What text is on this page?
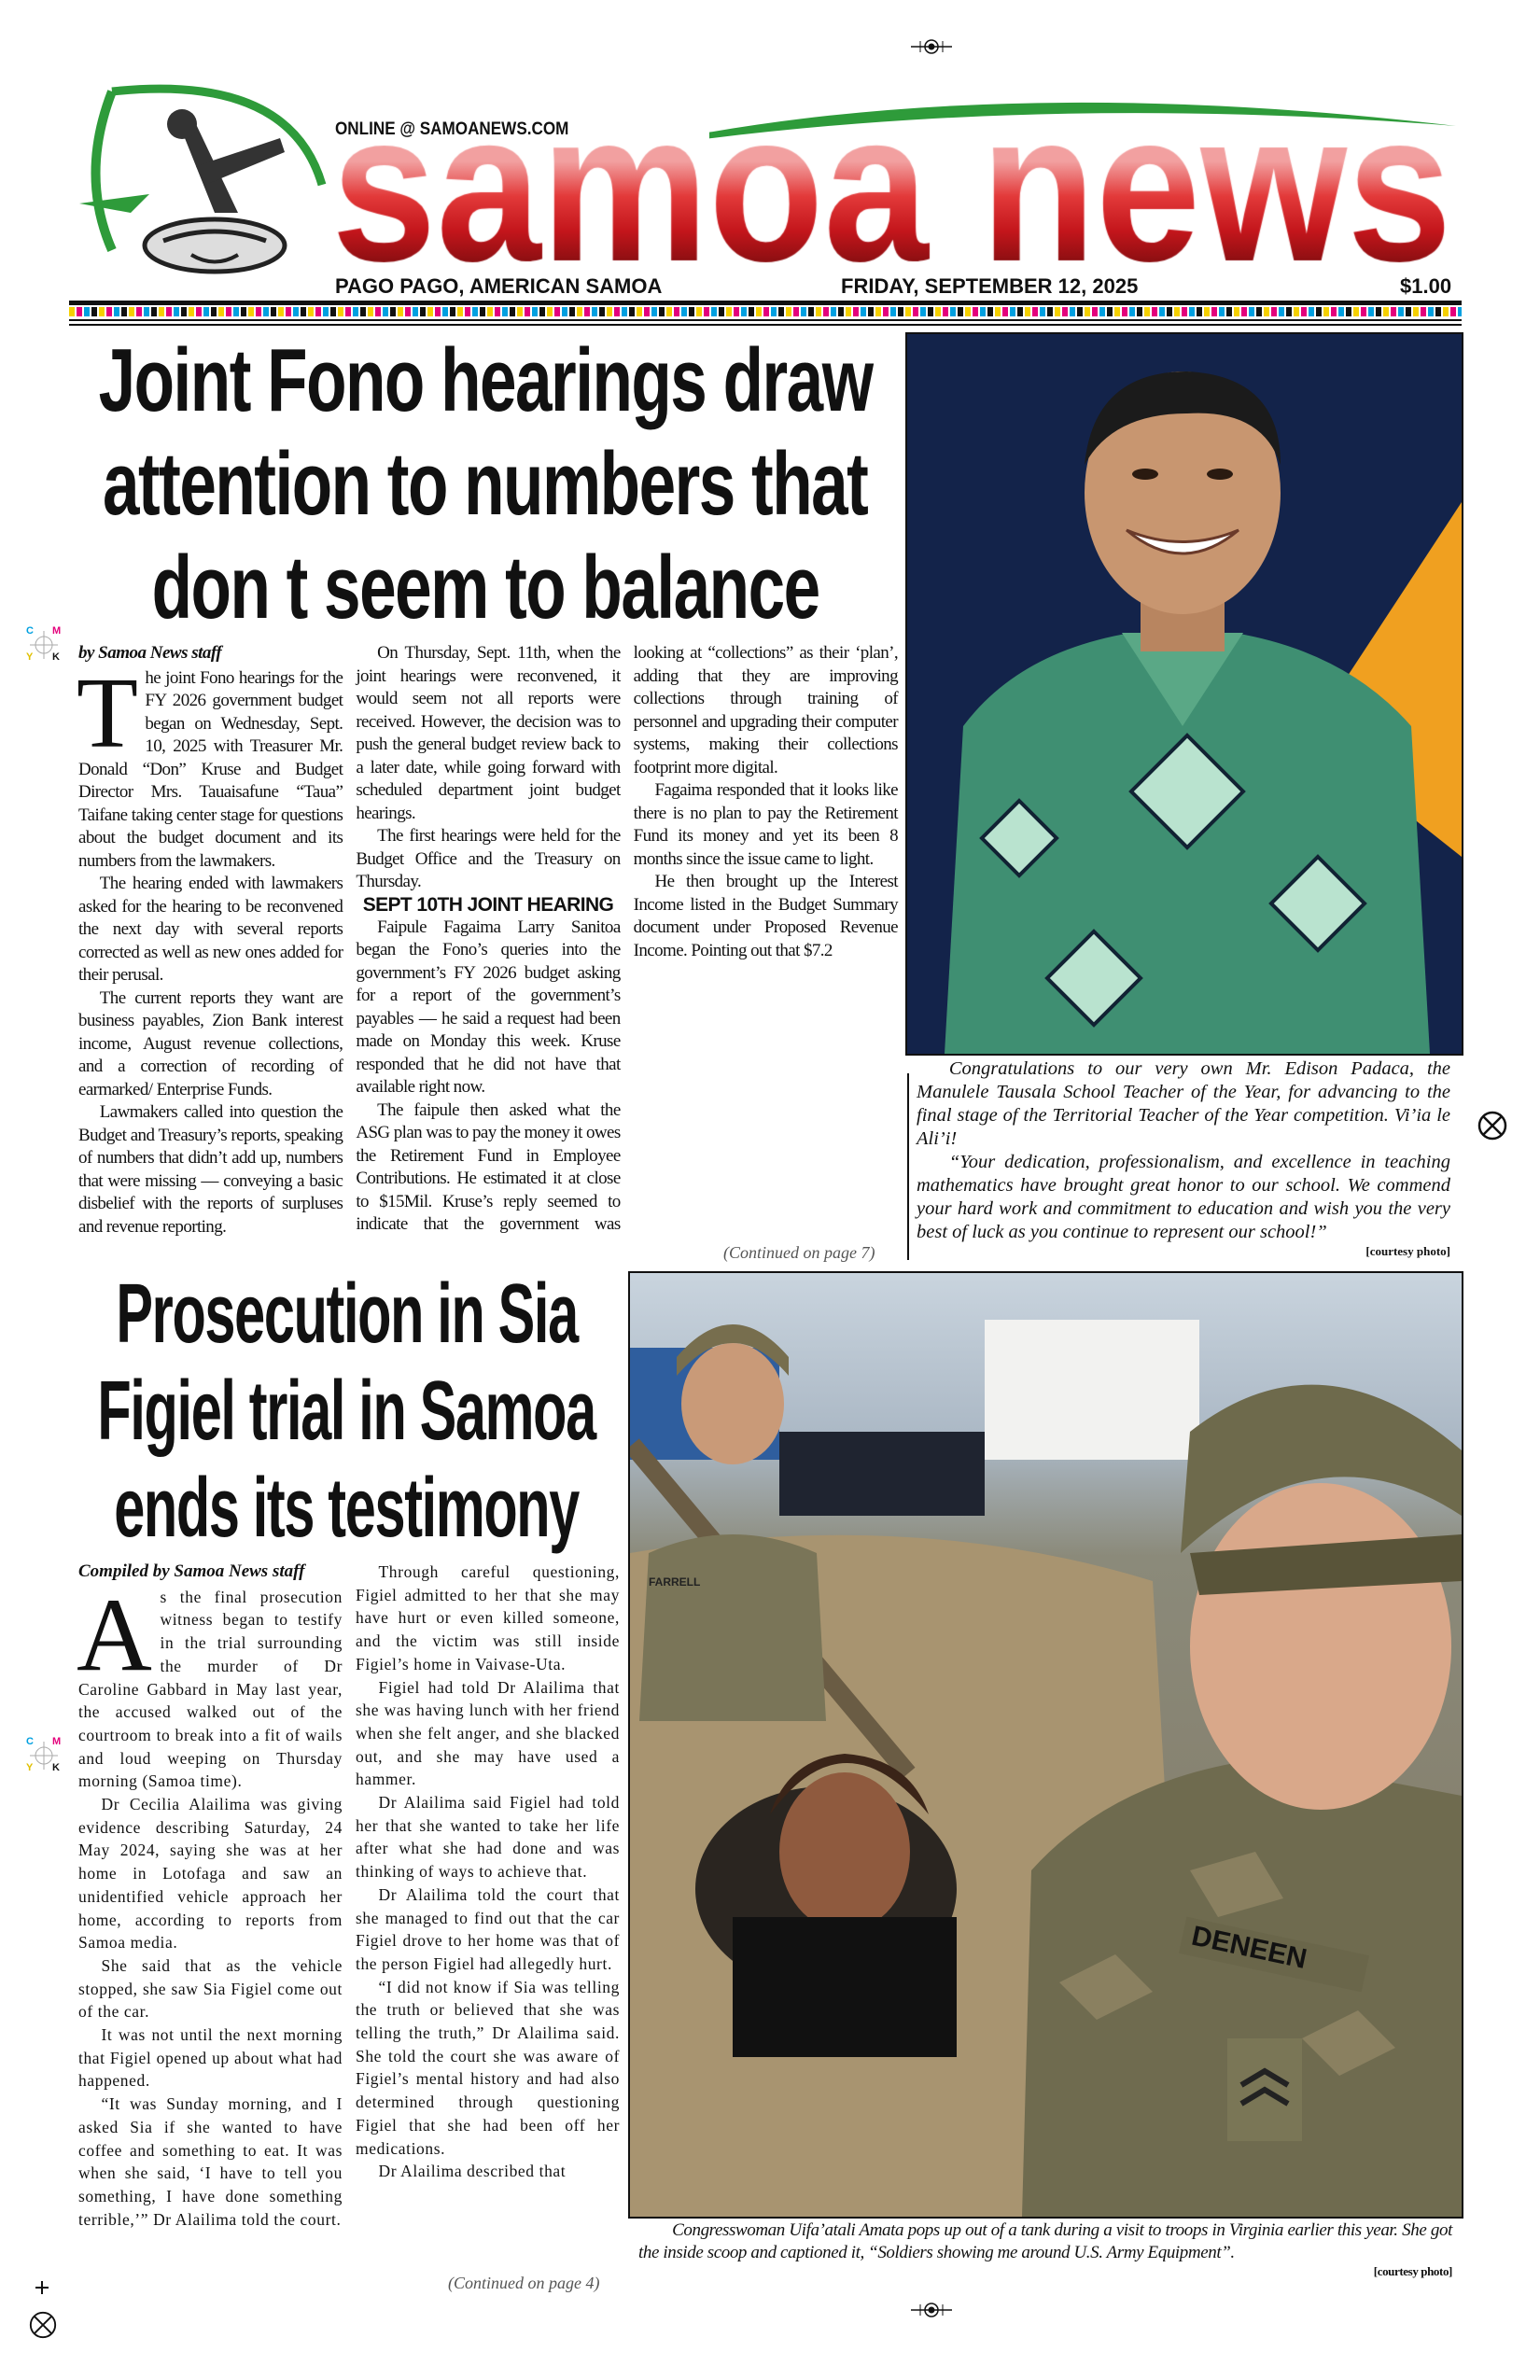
C M
Y K
C M
Y K
ONLINE @ SAMOANEWS.COM
PAGO PAGO, AMERICAN SAMOA	FRIDAY, SEPTEMBER 12, 2025	$1.00
Joint Fono hearings draw
attention to numbers that
don t seem to balance
by Samoa News staff

The joint Fono hearings for the FY 2026 government budget began on Wednesday, Sept. 10, 2025 with Treasurer Mr. Donald “Don” Kruse and Budget Director Mrs. Tauaisafune “Taua” Taifane taking center stage for questions about the budget document and its numbers from the lawmakers.

The hearing ended with lawmakers asked for the hearing to be reconvened the next day with several reports corrected as well as new ones added for their perusal.

The current reports they want are business payables, Zion Bank interest income, August revenue collections, and a correction of recording of earmarked/ Enterprise Funds.

Lawmakers called into question the Budget and Treasury’s reports, speaking of numbers that didn’t add up, numbers that were missing — conveying a basic disbelief with the reports of surpluses and revenue reporting.

On Thursday, Sept. 11th, when the joint hearings were reconvened, it would seem not all reports were received. However, the decision was to push the general budget review back to a later date, while going forward with scheduled department joint budget hearings.

The first hearings were held for the Budget Office and the Treasury on Thursday.

SEPT 10TH JOINT HEARING

Faipule Fagaima Larry Sanitoa began the Fono’s queries into the government’s FY 2026 budget asking for a report of the government’s payables — he said a request had been made on Monday this week. Kruse responded that he did not have that available right now.

The faipule then asked what the ASG plan was to pay the money it owes the Retirement Fund in Employee Contributions. He estimated it at close to $15Mil. Kruse’s reply seemed to indicate that the government was looking at “collections” as their ‘plan’, adding that they are improving collections through training of personnel and upgrading their computer systems, making their collections footprint more digital.

Fagaima responded that it looks like there is no plan to pay the Retirement Fund its money and yet its been 8 months since the issue came to light.

He then brought up the Interest Income listed in the Budget Summary document under Proposed Revenue Income. Pointing out that $7.2

(Continued on page 7)

Congratulations to our very own Mr. Edison Padaca, the Manulele Tausala School Teacher of the Year, for advancing to the final stage of the Territorial Teacher of the Year competition. Vi’ia le Ali’i!

“Your dedication, professionalism, and excellence in teaching mathematics have brought great honor to our school. We commend your hard work and commitment to education and wish you the very best of luck as you continue to represent our school!”

[courtesy photo]
Prosecution in Sia
Figiel trial in Samoa
ends its testimony
Compiled by Samoa News staff

As the final prosecution witness began to testify in the trial surrounding the murder of Dr Caroline Gabbard in May last year, the accused walked out of the courtroom to break into a fit of wails and loud weeping on Thursday morning (Samoa time).

Dr Cecilia Alailima was giving evidence describing Saturday, 24 May 2024, saying she was at her home in Lotofaga and saw an unidentified vehicle approach her home, according to reports from Samoa media.

She said that as the vehicle stopped, she saw Sia Figiel come out of the car.

It was not until the next morning that Figiel opened up about what had happened.

“It was Sunday morning, and I asked Sia if she wanted to have coffee and something to eat. It was when she said, ‘I have to tell you something, I have done something terrible,’” Dr Alailima told the court.

Through careful questioning, Figiel admitted to her that she may have hurt or even killed someone, and the victim was still inside Figiel’s home in Vaivase-Uta.

Figiel had told Dr Alailima that she was having lunch with her friend when she felt anger, and she blacked out, and she may have used a hammer.

Dr Alailima said Figiel had told her that she wanted to take her life after what she had done and was thinking of ways to achieve that.

Dr Alailima told the court that she managed to find out that the car Figiel drove to her home was that of the person Figiel had allegedly hurt.

“I did not know if Sia was telling the truth or believed that she was telling the truth,” Dr Alailima said. She told the court she was aware of Figiel’s mental history and had also determined through questioning Figiel that she had been off her medications.

Dr Alailima described that

(Continued on page 4)
DENEEN
FARRELL

Congresswoman Uifa’atali Amata pops up out of a tank during a visit to troops in Virginia earlier this year. She got the inside scoop and captioned it, “Soldiers showing me around U.S. Army Equipment”.

[courtesy photo]
